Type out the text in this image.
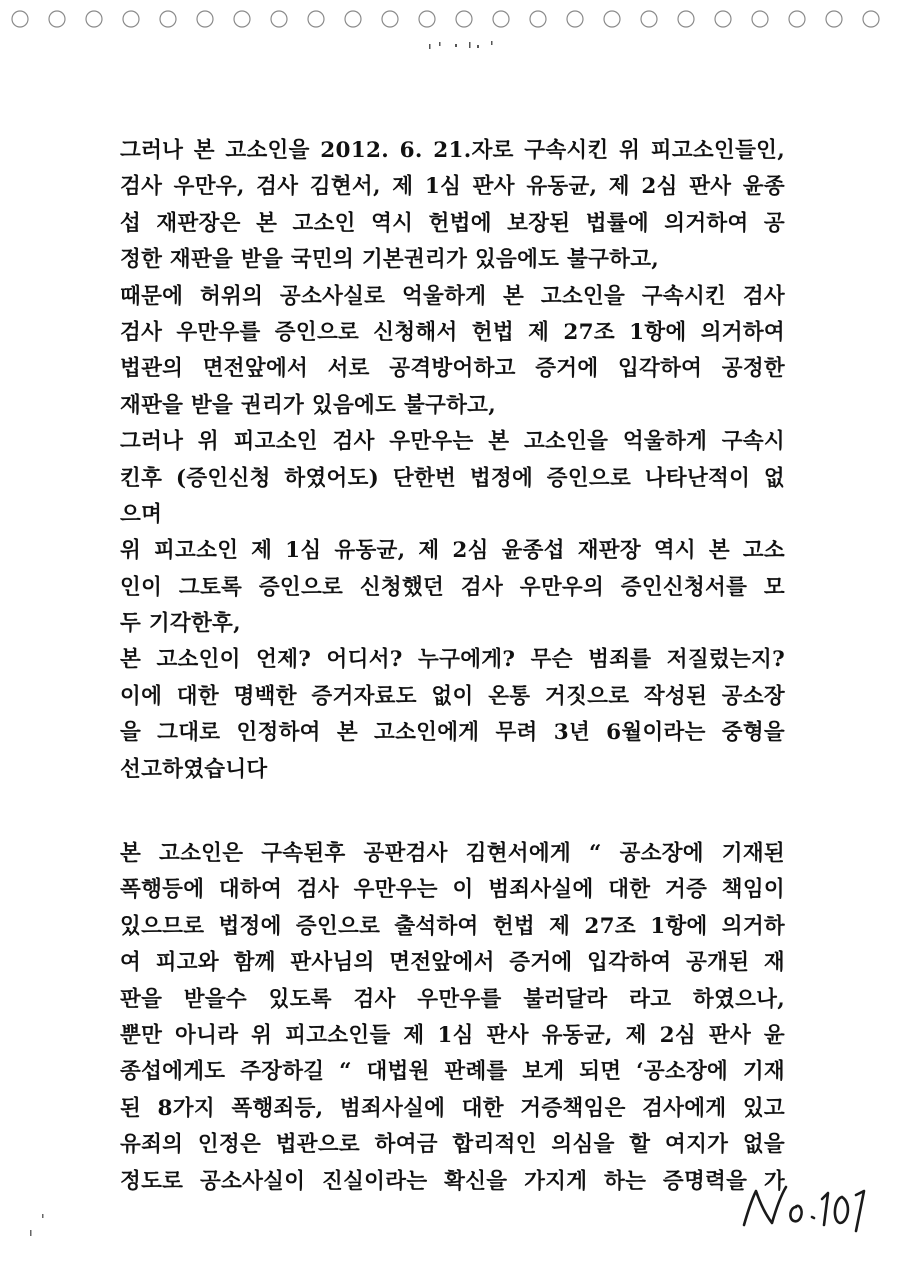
그러나 본 고소인을 2012. 6. 21.자로 구속시킨 위 피고소인들인,
검사 우만우, 검사 김현서, 제 1심 판사 유동균, 제 2심 판사 윤종
섭 재판장은 본 고소인 역시 헌법에 보장된 법률에 의거하여 공
정한 재판을 받을 국민의 기본권리가 있음에도 불구하고,
때문에 허위의 공소사실로 억울하게 본 고소인을 구속시킨 검사
검사 우만우를 증인으로 신청해서 헌법 제 27조 1항에 의거하여
법관의 면전앞에서 서로 공격방어하고 증거에 입각하여 공정한
재판을 받을 권리가 있음에도 불구하고,
그러나 위 피고소인 검사 우만우는 본 고소인을 억울하게 구속시
킨후 (증인신청 하였어도) 단한번 법정에 증인으로 나타난적이 없
으며
위 피고소인 제 1심 유동균, 제 2심 윤종섭 재판장 역시 본 고소
인이 그토록 증인으로 신청했던 검사 우만우의 증인신청서를 모
두 기각한후,
본 고소인이 언제? 어디서? 누구에게? 무슨 범죄를 저질렀는지?
이에 대한 명백한 증거자료도 없이 온통 거짓으로 작성된 공소장
을 그대로 인정하여 본 고소인에게 무려 3년 6월이라는 중형을
선고하였습니다
본 고소인은 구속된후 공판검사 김현서에게 “ 공소장에 기재된
폭행등에 대하여 검사 우만우는 이 범죄사실에 대한 거증 책임이
있으므로 법정에 증인으로 출석하여 헌법 제 27조 1항에 의거하
여 피고와 함께 판사님의 면전앞에서 증거에 입각하여 공개된 재
판을 받을수 있도록 검사 우만우를 불러달라 라고 하였으나,
뿐만 아니라 위 피고소인들 제 1심 판사 유동균, 제 2심 판사 윤
종섭에게도 주장하길 “ 대법원 판례를 보게 되면 ‘공소장에 기재
된 8가지 폭행죄등, 범죄사실에 대한 거증책임은 검사에게 있고
유죄의 인정은 법관으로 하여금 합리적인 의심을 할 여지가 없을
정도로 공소사실이 진실이라는 확신을 가지게 하는 증명력을 가
